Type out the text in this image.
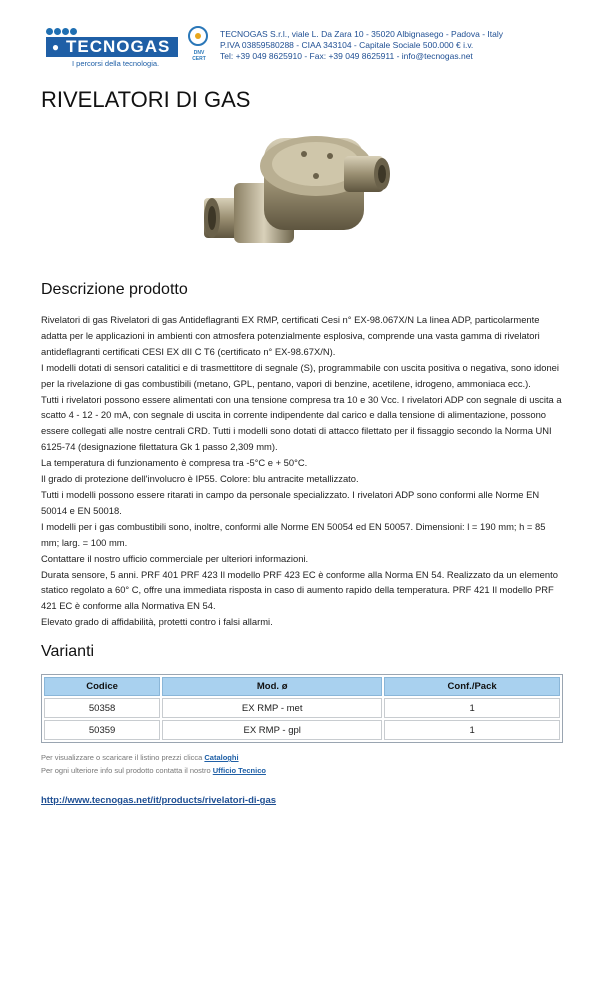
● TECNOGAS
I percorsi della tecnologia.
DNV CERT
TECNOGAS S.r.l., viale L. Da Zara 10 - 35020 Albignasego - Padova - Italy
P.IVA 03859580288 - CIAA 343104 - Capitale Sociale 500.000 € i.v.
Tel: +39 049 8625910 - Fax: +39 049 8625911 - info@tecnogas.net
RIVELATORI DI GAS
Descrizione prodotto

Rivelatori di gas Rivelatori di gas Antideflagranti EX RMP, certificati Cesi n° EX-98.067X/N La linea ADP, particolarmente adatta per le applicazioni in ambienti con atmosfera potenzialmente esplosiva, comprende una vasta gamma di rivelatori antideflagranti certificati CESI EX dII C T6 (certificato n° EX-98.67X/N).

I modelli dotati di sensori catalitici e di trasmettitore di segnale (S), programmabile con uscita positiva o negativa, sono idonei per la rivelazione di gas combustibili (metano, GPL, pentano, vapori di benzine, acetilene, idrogeno, ammoniaca ecc.).

Tutti i rivelatori possono essere alimentati con una tensione compresa tra 10 e 30 Vcc. I rivelatori ADP con segnale di uscita a scatto 4 - 12 - 20 mA, con segnale di uscita in corrente indipendente dal carico e dalla tensione di alimentazione, possono essere collegati alle nostre centrali CRD. Tutti i modelli sono dotati di attacco filettato per il fissaggio secondo la Norma UNI 6125-74 (designazione filettatura Gk 1 passo 2,309 mm).

La temperatura di funzionamento è compresa tra -5°C e + 50°C.

Il grado di protezione dell'involucro è IP55. Colore: blu antracite metallizzato.

Tutti i modelli possono essere ritarati in campo da personale specializzato. I rivelatori ADP sono conformi alle Norme EN 50014 e EN 50018.

I modelli per i gas combustibili sono, inoltre, conformi alle Norme EN 50054 ed EN 50057. Dimensioni: l = 190 mm; h = 85 mm; larg. = 100 mm.

Contattare il nostro ufficio commerciale per ulteriori informazioni.

Durata sensore, 5 anni. PRF 401 PRF 423 Il modello PRF 423 EC è conforme alla Norma EN 54. Realizzato da un elemento statico regolato a 60° C, offre una immediata risposta in caso di aumento rapido della temperatura. PRF 421 Il modello PRF 421 EC è conforme alla Normativa EN 54.

Elevato grado di affidabilità, protetti contro i falsi allarmi.

Varianti
Codice	Mod. ø	Conf./Pack
50358	EX RMP - met	1
50359	EX RMP - gpl	1
Per visualizzare o scaricare il listino prezzi clicca Cataloghi
Per ogni ulteriore info sul prodotto contatta il nostro Ufficio Tecnico
http://www.tecnogas.net/it/products/rivelatori-di-gas
